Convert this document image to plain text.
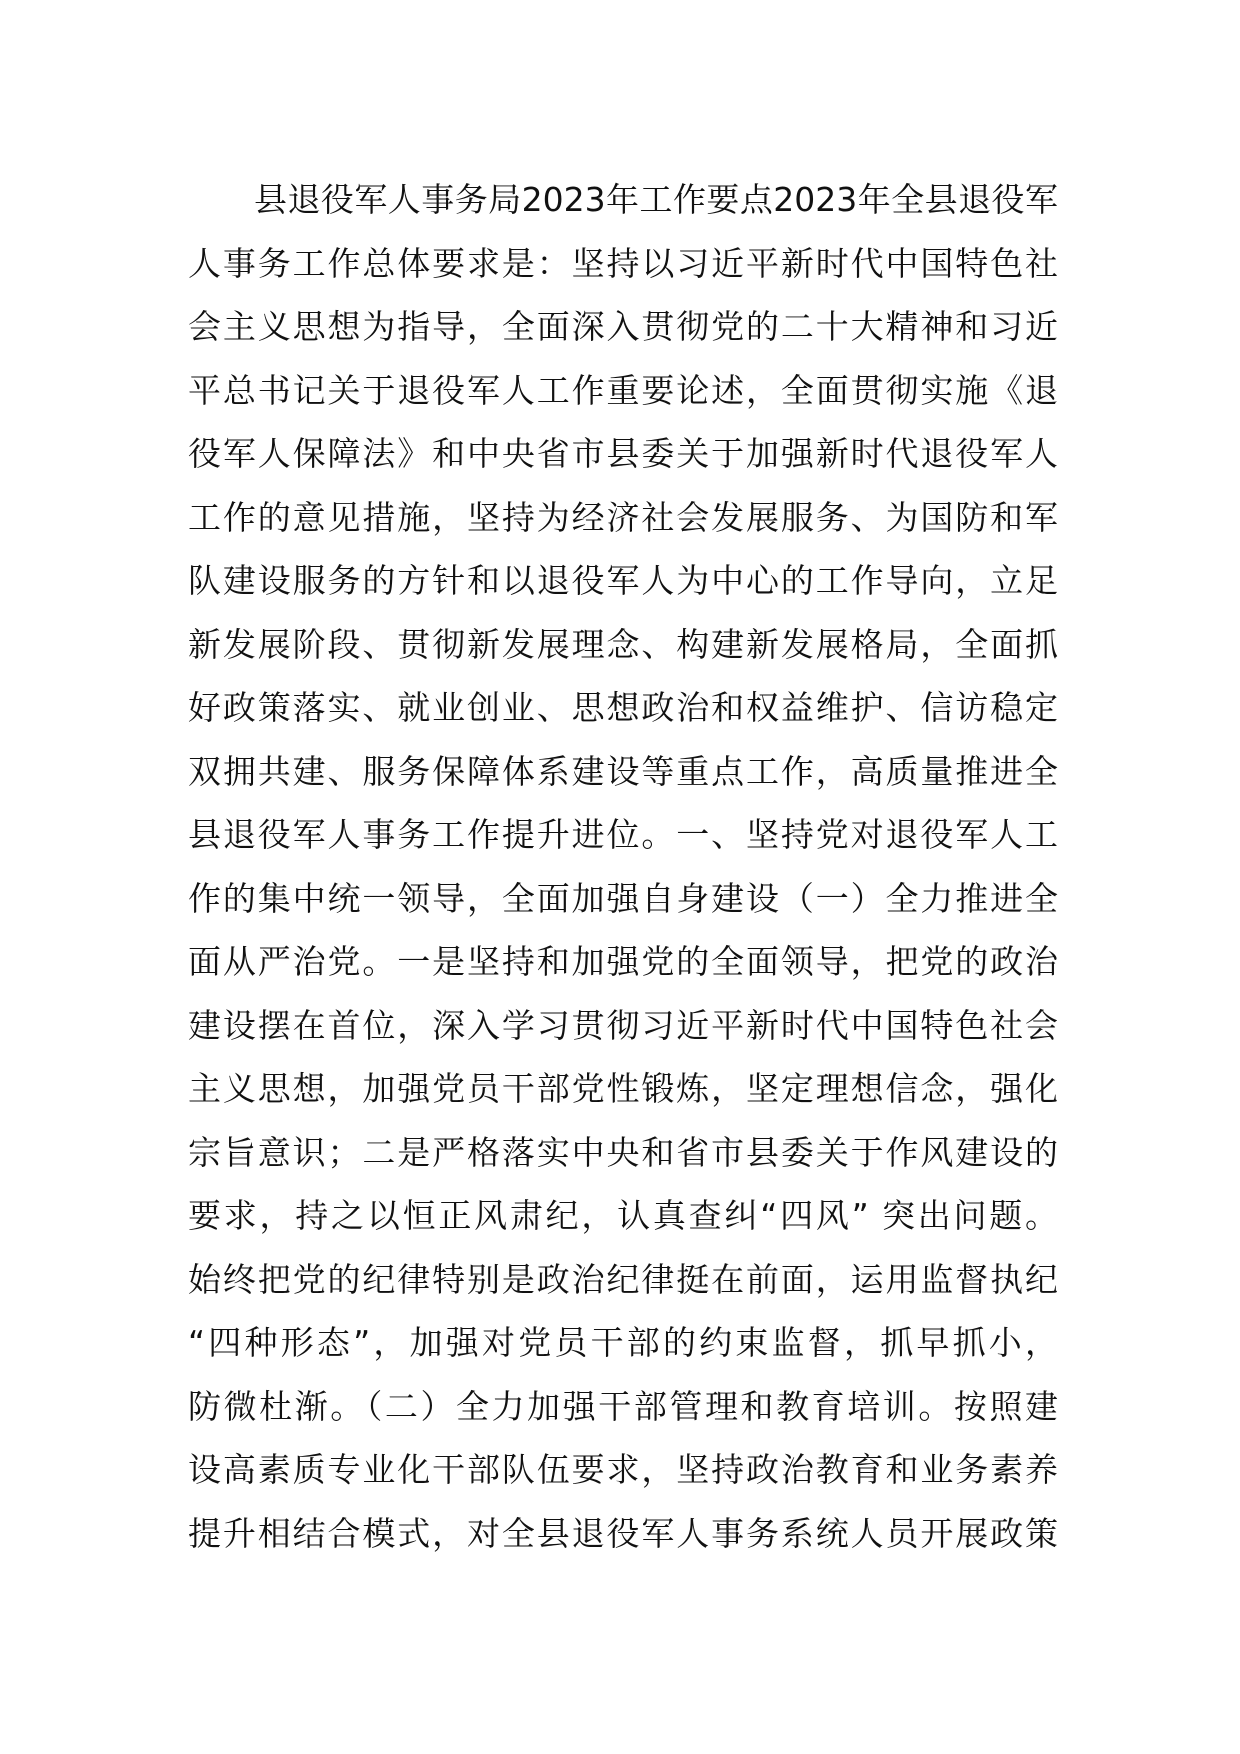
县退役军人事务局2023年工作要点2023年全县退役军
人事务工作总体要求是：坚持以习近平新时代中国特色社
会主义思想为指导，全面深入贯彻党的二十大精神和习近
平总书记关于退役军人工作重要论述，全面贯彻实施《退
役军人保障法》和中央省市县委关于加强新时代退役军人
工作的意见措施，坚持为经济社会发展服务、为国防和军
队建设服务的方针和以退役军人为中心的工作导向，立足
新发展阶段、贯彻新发展理念、构建新发展格局，全面抓
好政策落实、就业创业、思想政治和权益维护、信访稳定
双拥共建、服务保障体系建设等重点工作，高质量推进全
县退役军人事务工作提升进位。一、坚持党对退役军人工
作的集中统一领导，全面加强自身建设（一）全力推进全
面从严治党。一是坚持和加强党的全面领导，把党的政治
建设摆在首位，深入学习贯彻习近平新时代中国特色社会
主义思想，加强党员干部党性锻炼，坚定理想信念，强化
宗旨意识；二是严格落实中央和省市县委关于作风建设的
要求，持之以恒正风肃纪，认真查纠“四风” 突出问题。
始终把党的纪律特别是政治纪律挺在前面，运用监督执纪
“四种形态”，加强对党员干部的约束监督，抓早抓小，
防微杜渐。（二）全力加强干部管理和教育培训。按照建
设高素质专业化干部队伍要求，坚持政治教育和业务素养
提升相结合模式，对全县退役军人事务系统人员开展政策
